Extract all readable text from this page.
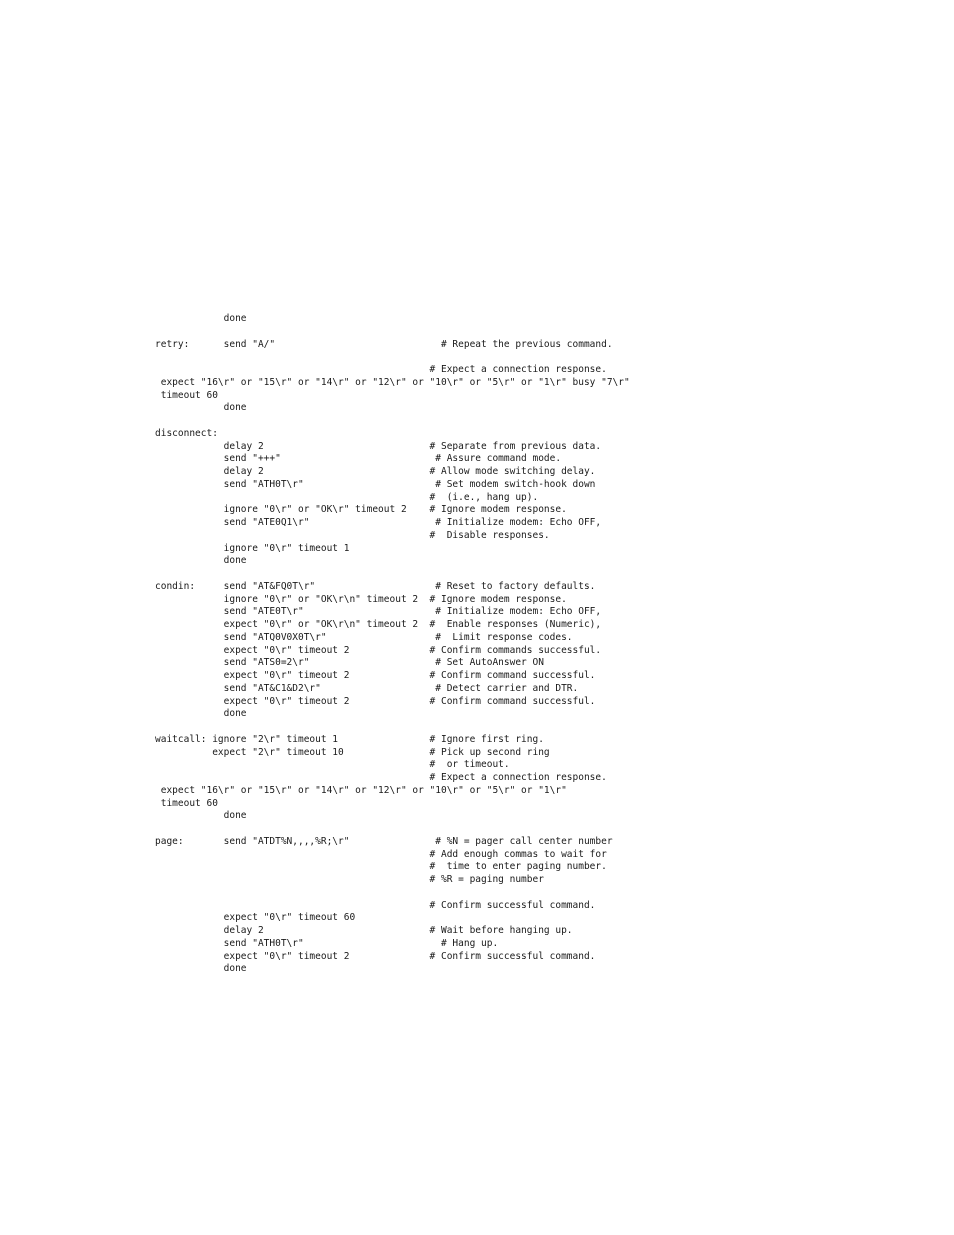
done
retry:      send "A/"                             # Repeat the previous command.
# Expect a connection response.
expect "16\r" or "15\r" or "14\r" or "12\r" or "10\r" or "5\r" or "1\r" busy "7\r"
timeout 60
done
disconnect:
delay 2                             # Separate from previous data.
send "+++"                           # Assure command mode.
delay 2                             # Allow mode switching delay.
send "ATH0T\r"                       # Set modem switch-hook down
#  (i.e., hang up).
ignore "0\r" or "OK\r" timeout 2    # Ignore modem response.
send "ATE0Q1\r"                      # Initialize modem: Echo OFF,
#  Disable responses.
ignore "0\r" timeout 1
done
condin:     send "AT&FQ0T\r"                     # Reset to factory defaults.
ignore "0\r" or "OK\r\n" timeout 2  # Ignore modem response.
send "ATE0T\r"                       # Initialize modem: Echo OFF,
expect "0\r" or "OK\r\n" timeout 2  #  Enable responses (Numeric),
send "ATQ0V0X0T\r"                   #  Limit response codes.
expect "0\r" timeout 2              # Confirm commands successful.
send "ATS0=2\r"                      # Set AutoAnswer ON
expect "0\r" timeout 2              # Confirm command successful.
send "AT&C1&D2\r"                    # Detect carrier and DTR.
expect "0\r" timeout 2              # Confirm command successful.
done
waitcall: ignore "2\r" timeout 1                # Ignore first ring.
expect "2\r" timeout 10               # Pick up second ring
#  or timeout.
# Expect a connection response.
expect "16\r" or "15\r" or "14\r" or "12\r" or "10\r" or "5\r" or "1\r"
timeout 60
done
page:       send "ATDT%N,,,,%R;\r"               # %N = pager call center number
# Add enough commas to wait for
#  time to enter paging number.
# %R = paging number
# Confirm successful command.
expect "0\r" timeout 60
delay 2                             # Wait before hanging up.
send "ATH0T\r"                        # Hang up.
expect "0\r" timeout 2              # Confirm successful command.
done
